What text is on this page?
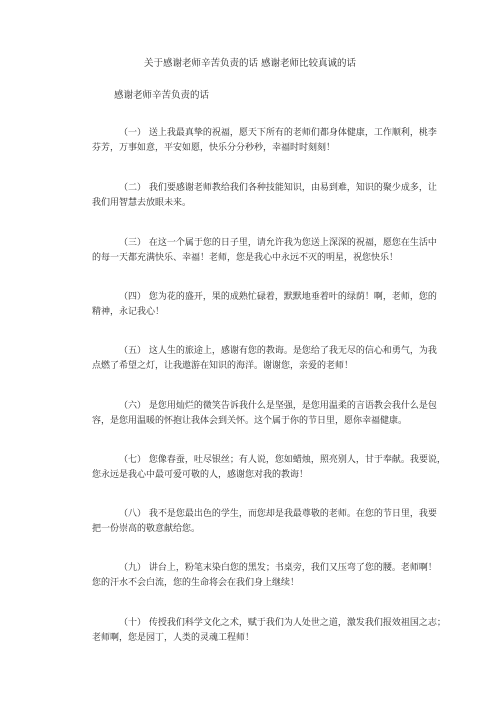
关于感谢老师辛苦负责的话 感谢老师比较真诚的话
感谢老师辛苦负责的话
（一） 送上我最真挚的祝福，愿天下所有的老师们都身体健康，工作顺利，桃李
芬芳，万事如意，平安如愿，快乐分分秒秒，幸福时时刻刻！
（二） 我们要感谢老师教给我们各种技能知识，由易到难，知识的聚少成多，让
我们用智慧去放眼未来。
（三） 在这一个属于您的日子里，请允许我为您送上深深的祝福，愿您在生活中
的每一天都充满快乐、幸福！老师，您是我心中永远不灭的明星，祝您快乐！
（四） 您为花的盛开，果的成熟忙碌着，默默地垂着叶的绿荫！啊，老师，您的
精神，永记我心！
（五） 这人生的旅途上，感谢有您的教诲。是您给了我无尽的信心和勇气，为我
点燃了希望之灯，让我遨游在知识的海洋。谢谢您，亲爱的老师！
（六） 是您用灿烂的微笑告诉我什么是坚强，是您用温柔的言语教会我什么是包
容，是您用温暖的怀抱让我体会到关怀。这个属于你的节日里，愿你幸福健康。
（七） 您像春蚕，吐尽银丝；有人说，您如蜡烛，照亮别人，甘于奉献。我要说，
您永远是我心中最可爱可敬的人，感谢您对我的教诲！
（八） 我不是您最出色的学生，而您却是我最尊敬的老师。在您的节日里，我要
把一份崇高的敬意献给您。
（九） 讲台上，粉笔末染白您的黑发；书桌旁，我们又压弯了您的腰。老师啊！
您的汗水不会白流，您的生命将会在我们身上继续！
（十） 传授我们科学文化之术，赋于我们为人处世之道，激发我们报效祖国之志；
老师啊，您是园丁，人类的灵魂工程师！
